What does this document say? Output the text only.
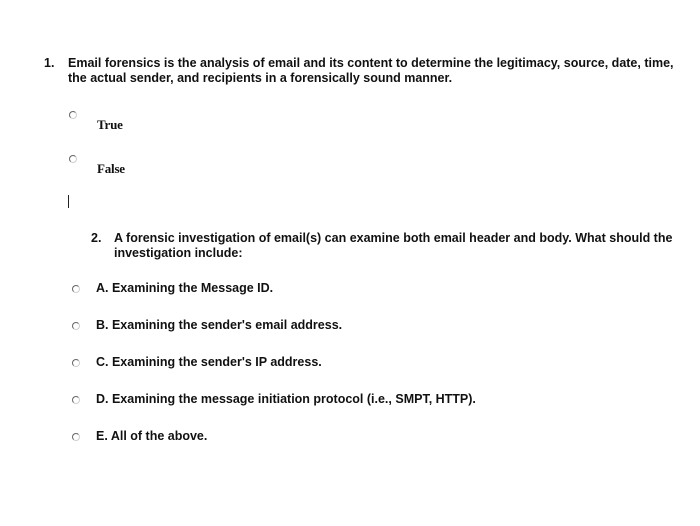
1. Email forensics is the analysis of email and its content to determine the legitimacy, source, date, time, the actual sender, and recipients in a forensically sound manner.
True
False
2. A forensic investigation of email(s) can examine both email header and body. What should the investigation include:
A. Examining the Message ID.
B. Examining the sender's email address.
C. Examining the sender's IP address.
D. Examining the message initiation protocol (i.e., SMPT, HTTP).
E. All of the above.
